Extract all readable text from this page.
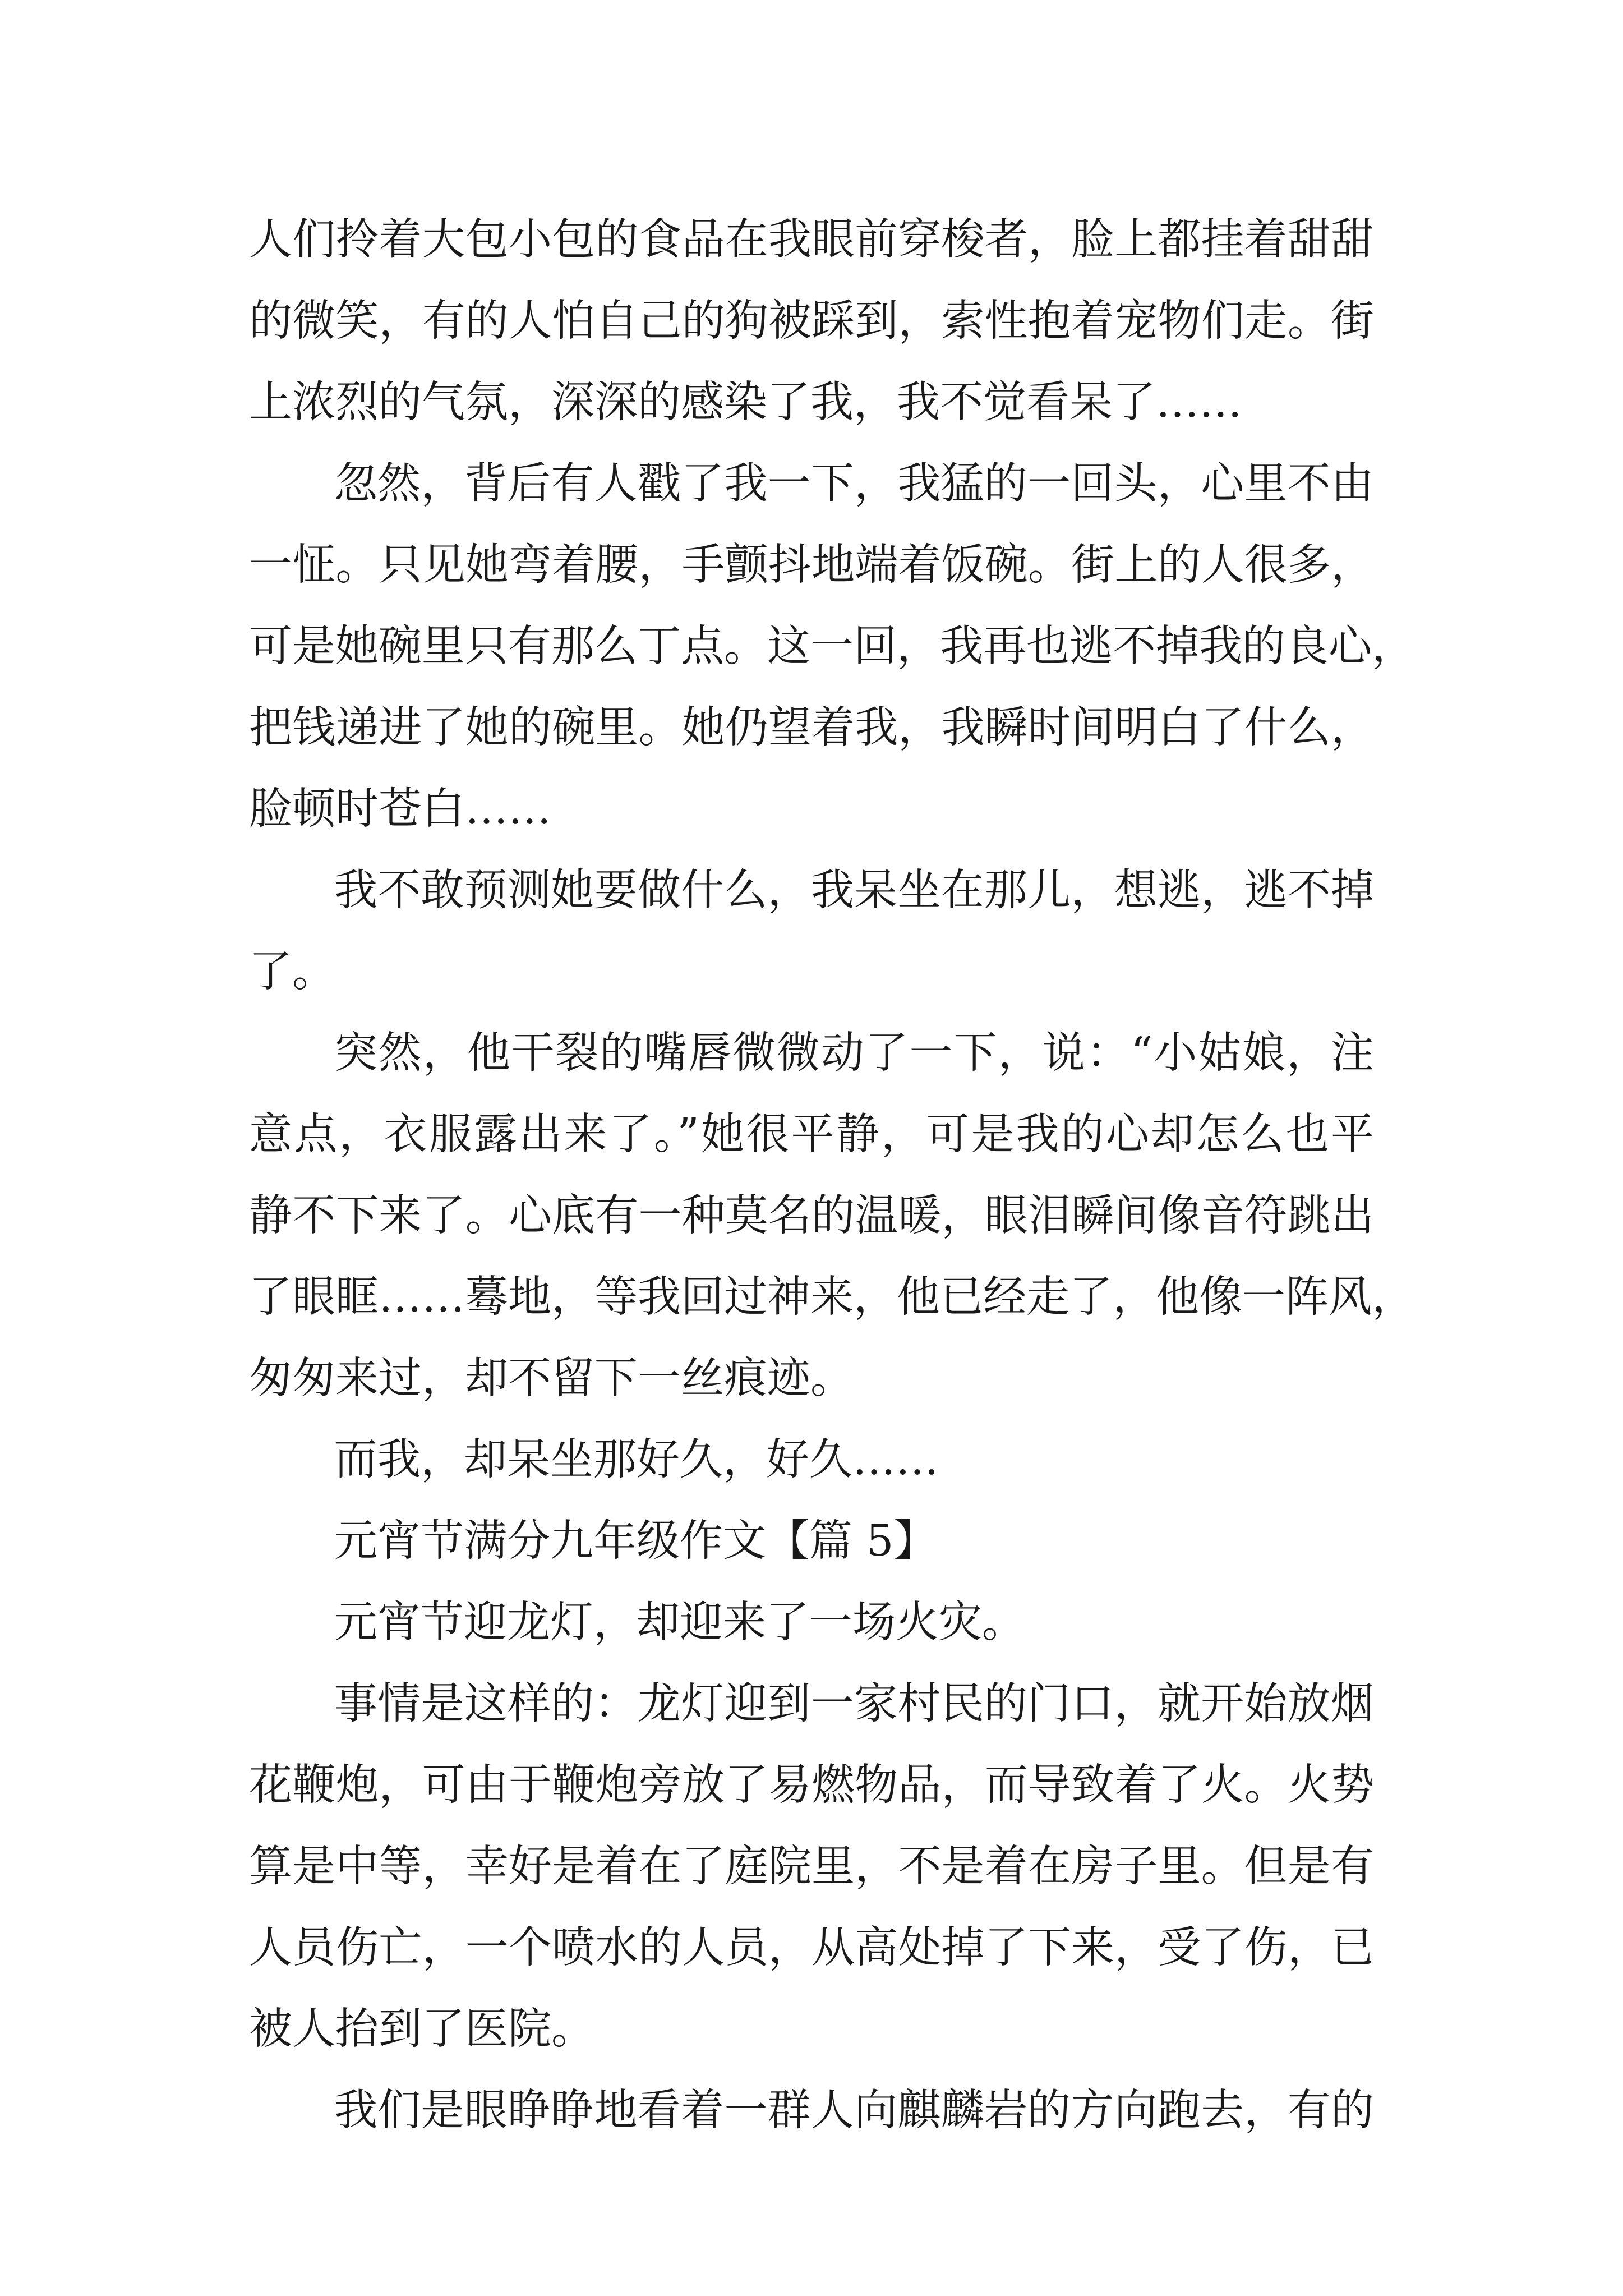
人们拎着大包小包的食品在我眼前穿梭者，脸上都挂着甜甜
的微笑，有的人怕自己的狗被踩到，索性抱着宠物们走。街
上浓烈的气氛，深深的感染了我，我不觉看呆了……
忽然，背后有人戳了我一下，我猛的一回头，心里不由
一怔。只见她弯着腰，手颤抖地端着饭碗。街上的人很多，
可是她碗里只有那么丁点。这一回，我再也逃不掉我的良心，
把钱递进了她的碗里。她仍望着我，我瞬时间明白了什么，
脸顿时苍白……
我不敢预测她要做什么，我呆坐在那儿，想逃，逃不掉
了。
突然，他干裂的嘴唇微微动了一下，说：“小姑娘，注
意点，衣服露出来了。”她很平静，可是我的心却怎么也平
静不下来了。心底有一种莫名的温暖，眼泪瞬间像音符跳出
了眼眶……蓦地，等我回过神来，他已经走了，他像一阵风，
匆匆来过，却不留下一丝痕迹。
而我，却呆坐那好久，好久……
元宵节满分九年级作文【篇 5】
元宵节迎龙灯，却迎来了一场火灾。
事情是这样的：龙灯迎到一家村民的门口，就开始放烟
花鞭炮，可由于鞭炮旁放了易燃物品，而导致着了火。火势
算是中等，幸好是着在了庭院里，不是着在房子里。但是有
人员伤亡，一个喷水的人员，从高处掉了下来，受了伤，已
被人抬到了医院。
我们是眼睁睁地看着一群人向麒麟岩的方向跑去，有的
